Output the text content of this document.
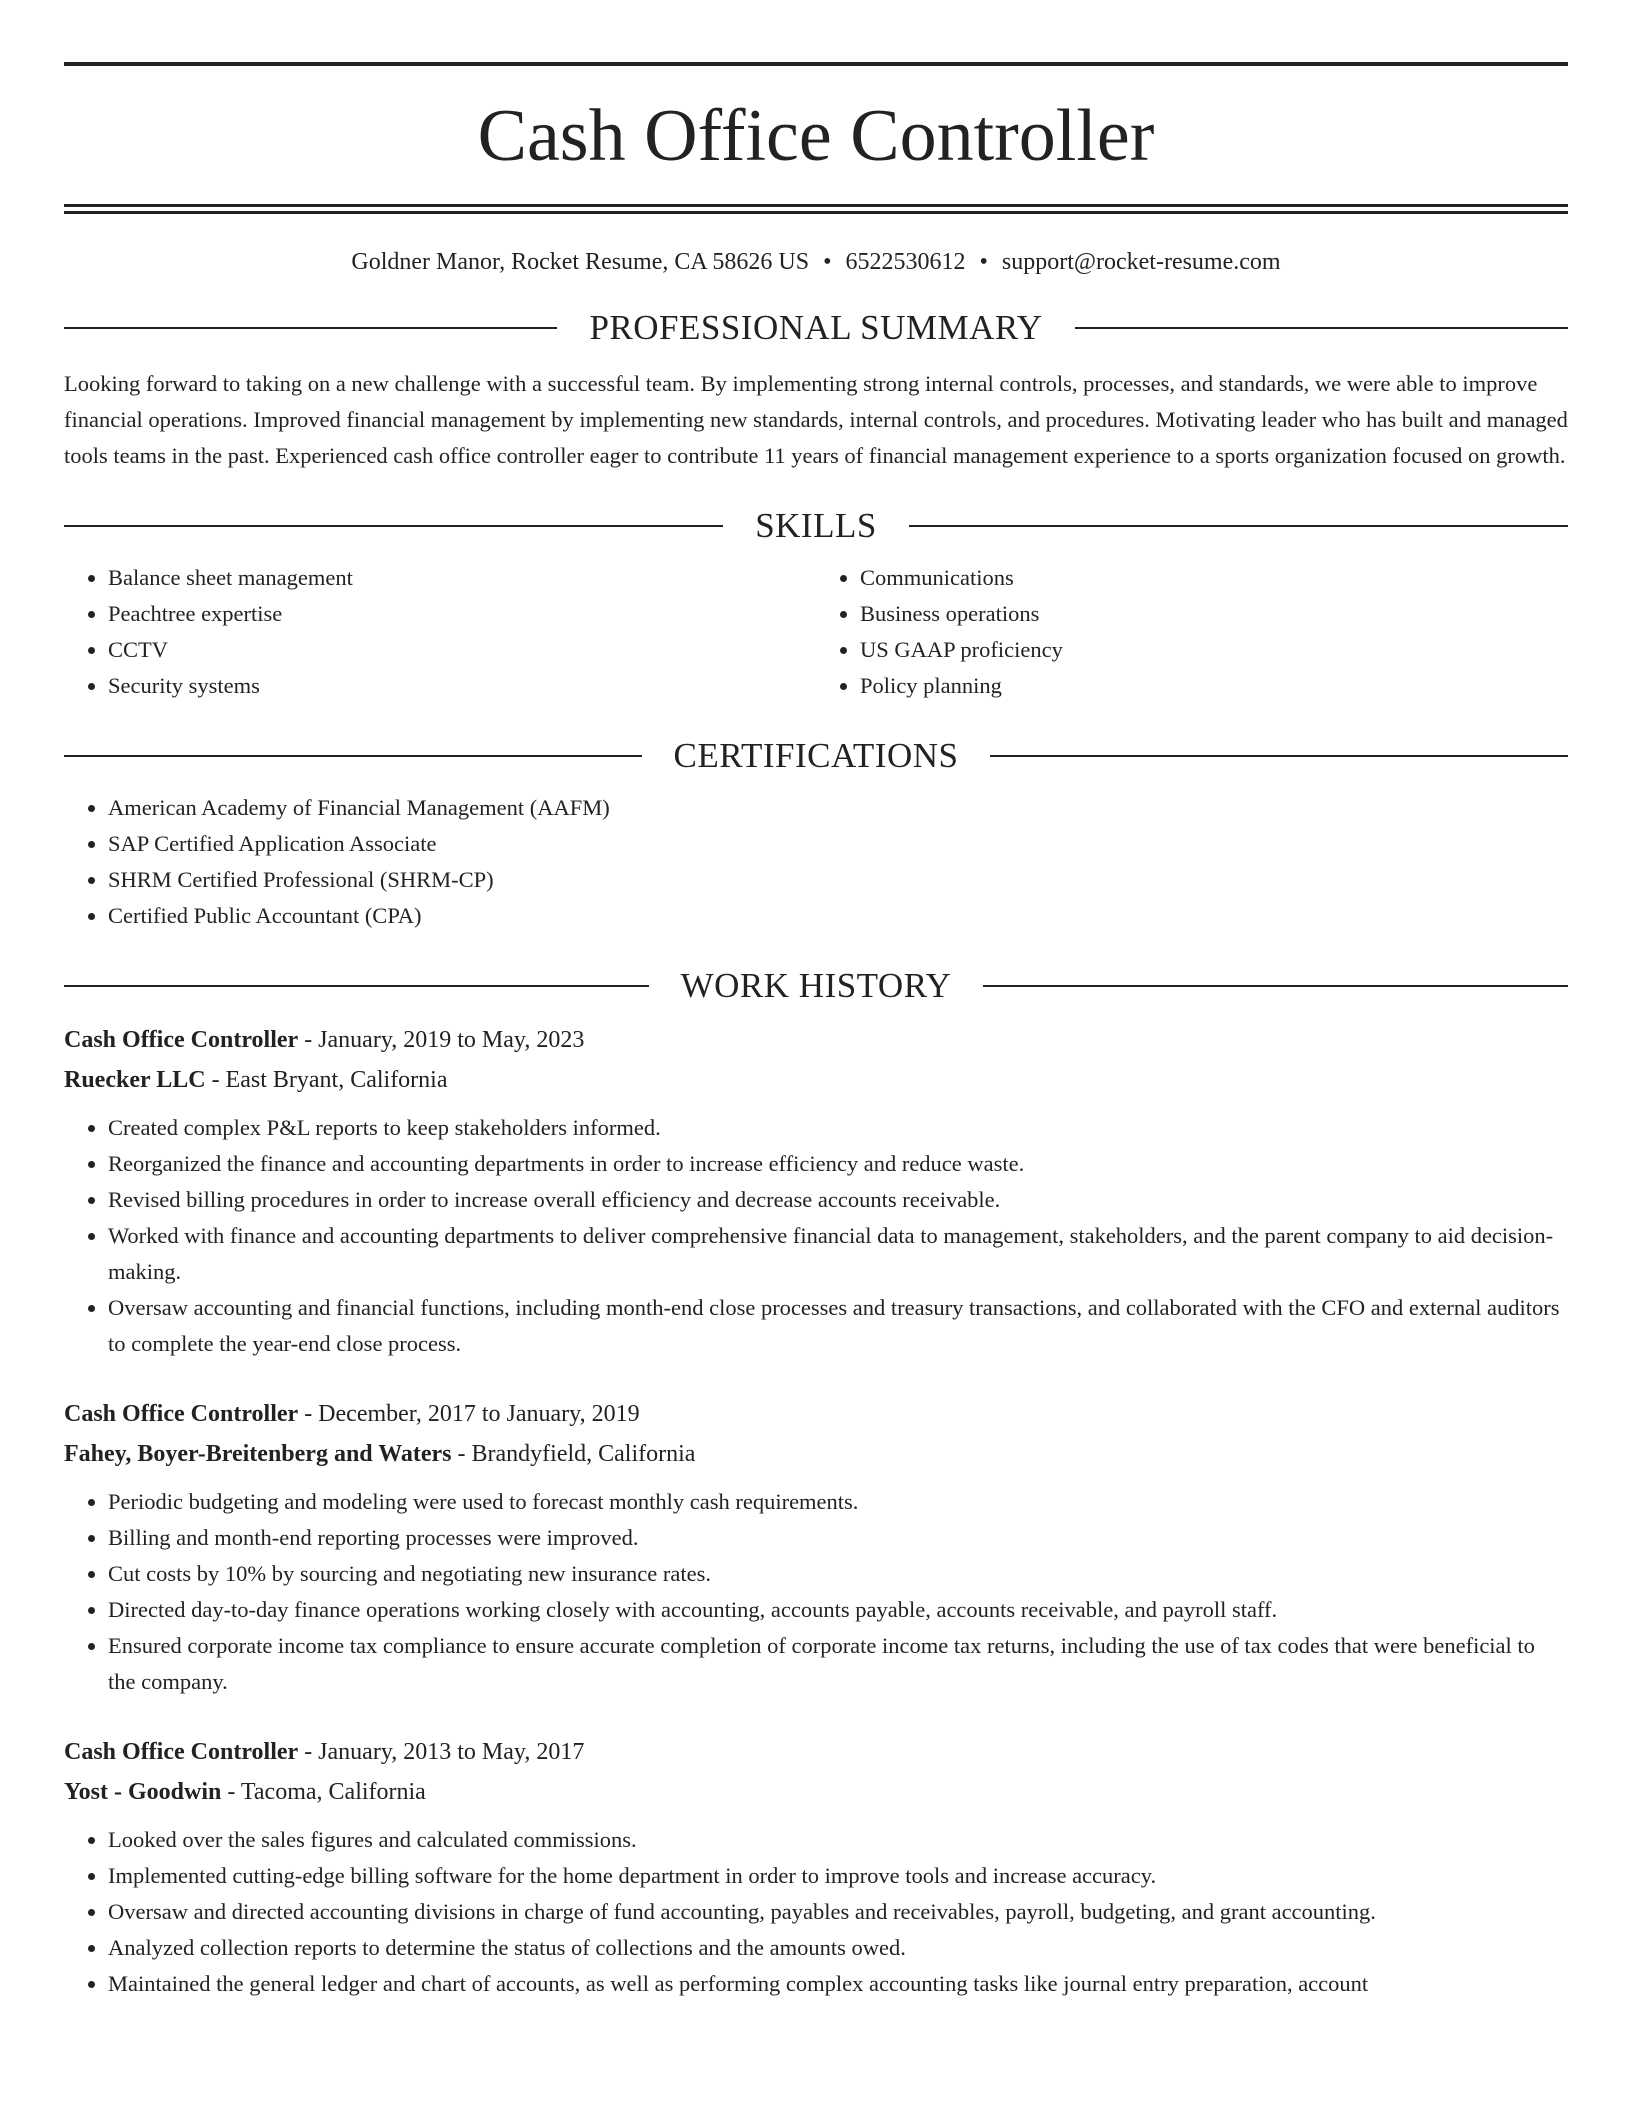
Cash Office Controller
Goldner Manor, Rocket Resume, CA 58626 US • 6522530612 • support@rocket-resume.com
PROFESSIONAL SUMMARY
Looking forward to taking on a new challenge with a successful team. By implementing strong internal controls, processes, and standards, we were able to improve financial operations. Improved financial management by implementing new standards, internal controls, and procedures. Motivating leader who has built and managed tools teams in the past. Experienced cash office controller eager to contribute 11 years of financial management experience to a sports organization focused on growth.
SKILLS
• Balance sheet management
• Peachtree expertise
• CCTV
• Security systems
• Communications
• Business operations
• US GAAP proficiency
• Policy planning
CERTIFICATIONS
• American Academy of Financial Management (AAFM)
• SAP Certified Application Associate
• SHRM Certified Professional (SHRM-CP)
• Certified Public Accountant (CPA)
WORK HISTORY
Cash Office Controller - January, 2019 to May, 2023
Ruecker LLC - East Bryant, California
• Created complex P&L reports to keep stakeholders informed.
• Reorganized the finance and accounting departments in order to increase efficiency and reduce waste.
• Revised billing procedures in order to increase overall efficiency and decrease accounts receivable.
• Worked with finance and accounting departments to deliver comprehensive financial data to management, stakeholders, and the parent company to aid decision-making.
• Oversaw accounting and financial functions, including month-end close processes and treasury transactions, and collaborated with the CFO and external auditors to complete the year-end close process.
Cash Office Controller - December, 2017 to January, 2019
Fahey, Boyer-Breitenberg and Waters - Brandyfield, California
• Periodic budgeting and modeling were used to forecast monthly cash requirements.
• Billing and month-end reporting processes were improved.
• Cut costs by 10% by sourcing and negotiating new insurance rates.
• Directed day-to-day finance operations working closely with accounting, accounts payable, accounts receivable, and payroll staff.
• Ensured corporate income tax compliance to ensure accurate completion of corporate income tax returns, including the use of tax codes that were beneficial to the company.
Cash Office Controller - January, 2013 to May, 2017
Yost - Goodwin - Tacoma, California
• Looked over the sales figures and calculated commissions.
• Implemented cutting-edge billing software for the home department in order to improve tools and increase accuracy.
• Oversaw and directed accounting divisions in charge of fund accounting, payables and receivables, payroll, budgeting, and grant accounting.
• Analyzed collection reports to determine the status of collections and the amounts owed.
• Maintained the general ledger and chart of accounts, as well as performing complex accounting tasks like journal entry preparation, account
